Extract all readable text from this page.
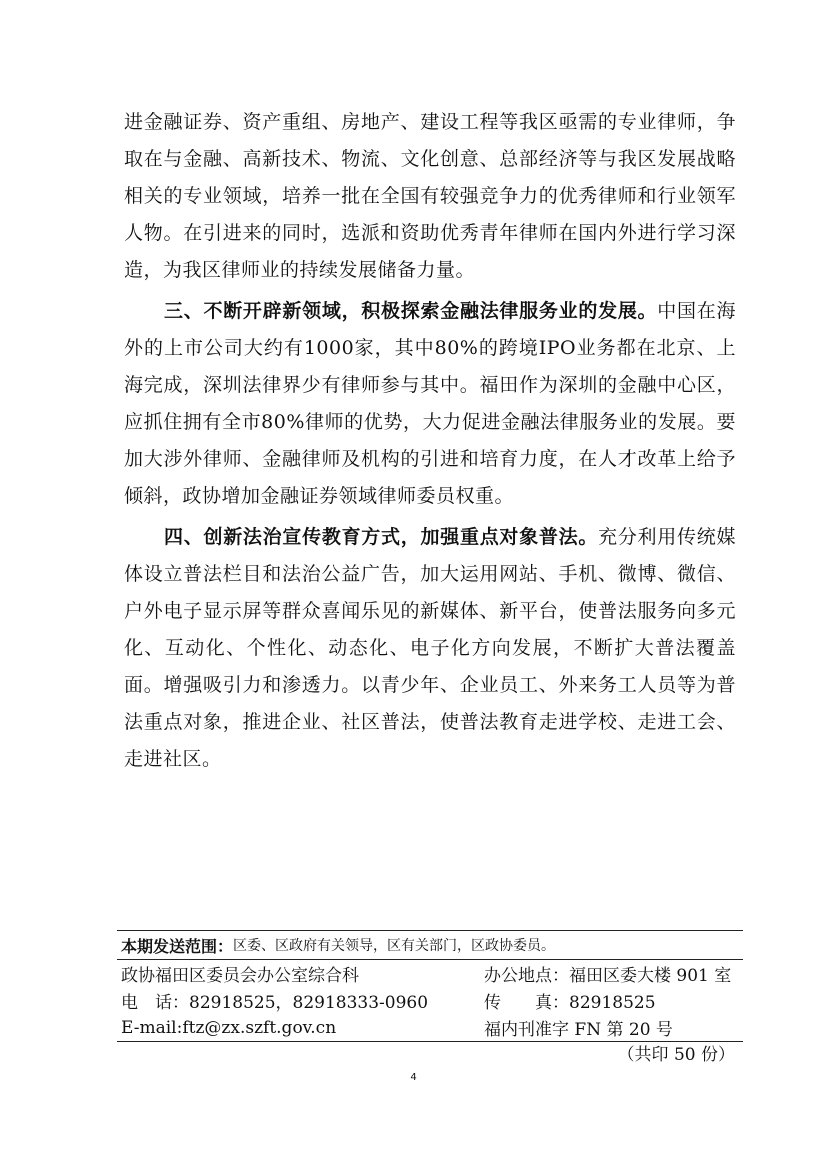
进金融证券、资产重组、房地产、建设工程等我区亟需的专业律师，争取在与金融、高新技术、物流、文化创意、总部经济等与我区发展战略相关的专业领域，培养一批在全国有较强竞争力的优秀律师和行业领军人物。在引进来的同时，选派和资助优秀青年律师在国内外进行学习深造，为我区律师业的持续发展储备力量。

三、不断开辟新领域，积极探索金融法律服务业的发展。中国在海外的上市公司大约有1000家，其中80%的跨境IPO业务都在北京、上海完成，深圳法律界少有律师参与其中。福田作为深圳的金融中心区，应抓住拥有全市80%律师的优势，大力促进金融法律服务业的发展。要加大涉外律师、金融律师及机构的引进和培育力度，在人才改革上给予倾斜，政协增加金融证券领域律师委员权重。

四、创新法治宣传教育方式，加强重点对象普法。充分利用传统媒体设立普法栏目和法治公益广告，加大运用网站、手机、微博、微信、户外电子显示屏等群众喜闻乐见的新媒体、新平台，使普法服务向多元化、互动化、个性化、动态化、电子化方向发展，不断扩大普法覆盖面。增强吸引力和渗透力。以青少年、企业员工、外来务工人员等为普法重点对象，推进企业、社区普法，使普法教育走进学校、走进工会、走进社区。

本期发送范围： 区委、区政府有关领导，区有关部门，区政协委员。
政协福田区委员会办公室综合科	办公地点：福田区委大楼 901 室
电　话：82918525，82918333-0960	传　　真：82918525
E-mail:ftz@zx.szft.gov.cn	福内刊准字 FN 第 20 号
（共印 50 份）
4
